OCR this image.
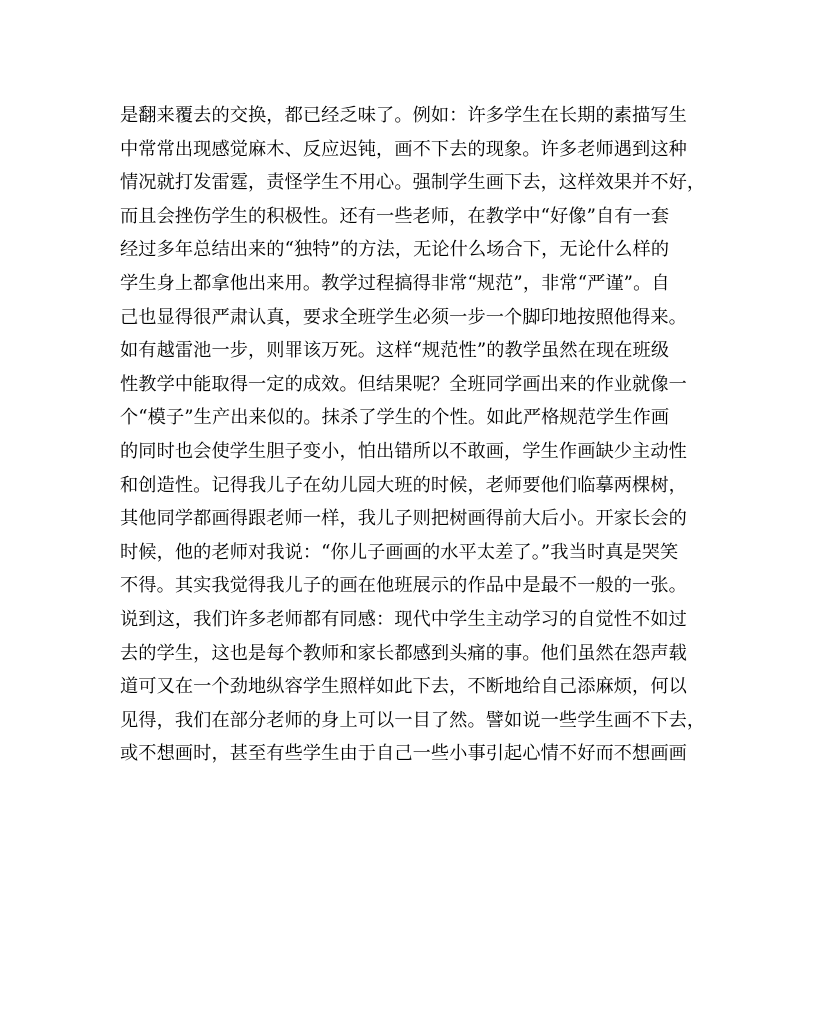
是翻来覆去的交换，都已经乏味了。例如：许多学生在长期的素描写生
中常常出现感觉麻木、反应迟钝，画不下去的现象。许多老师遇到这种
情况就打发雷霆，责怪学生不用心。强制学生画下去，这样效果并不好，
而且会挫伤学生的积极性。还有一些老师，在教学中“好像”自有一套
经过多年总结出来的“独特”的方法，无论什么场合下，无论什么样的
学生身上都拿他出来用。教学过程搞得非常“规范”，非常“严谨”。自
己也显得很严肃认真，要求全班学生必须一步一个脚印地按照他得来。
如有越雷池一步，则罪该万死。这样“规范性”的教学虽然在现在班级
性教学中能取得一定的成效。但结果呢？全班同学画出来的作业就像一
个“模子”生产出来似的。抹杀了学生的个性。如此严格规范学生作画
的同时也会使学生胆子变小，怕出错所以不敢画，学生作画缺少主动性
和创造性。记得我儿子在幼儿园大班的时候，老师要他们临摹两棵树，
其他同学都画得跟老师一样，我儿子则把树画得前大后小。开家长会的
时候，他的老师对我说：“你儿子画画的水平太差了。”我当时真是哭笑
不得。其实我觉得我儿子的画在他班展示的作品中是最不一般的一张。
说到这，我们许多老师都有同感：现代中学生主动学习的自觉性不如过
去的学生，这也是每个教师和家长都感到头痛的事。他们虽然在怨声载
道可又在一个劲地纵容学生照样如此下去，不断地给自己添麻烦，何以
见得，我们在部分老师的身上可以一目了然。譬如说一些学生画不下去，
或不想画时，甚至有些学生由于自己一些小事引起心情不好而不想画画
